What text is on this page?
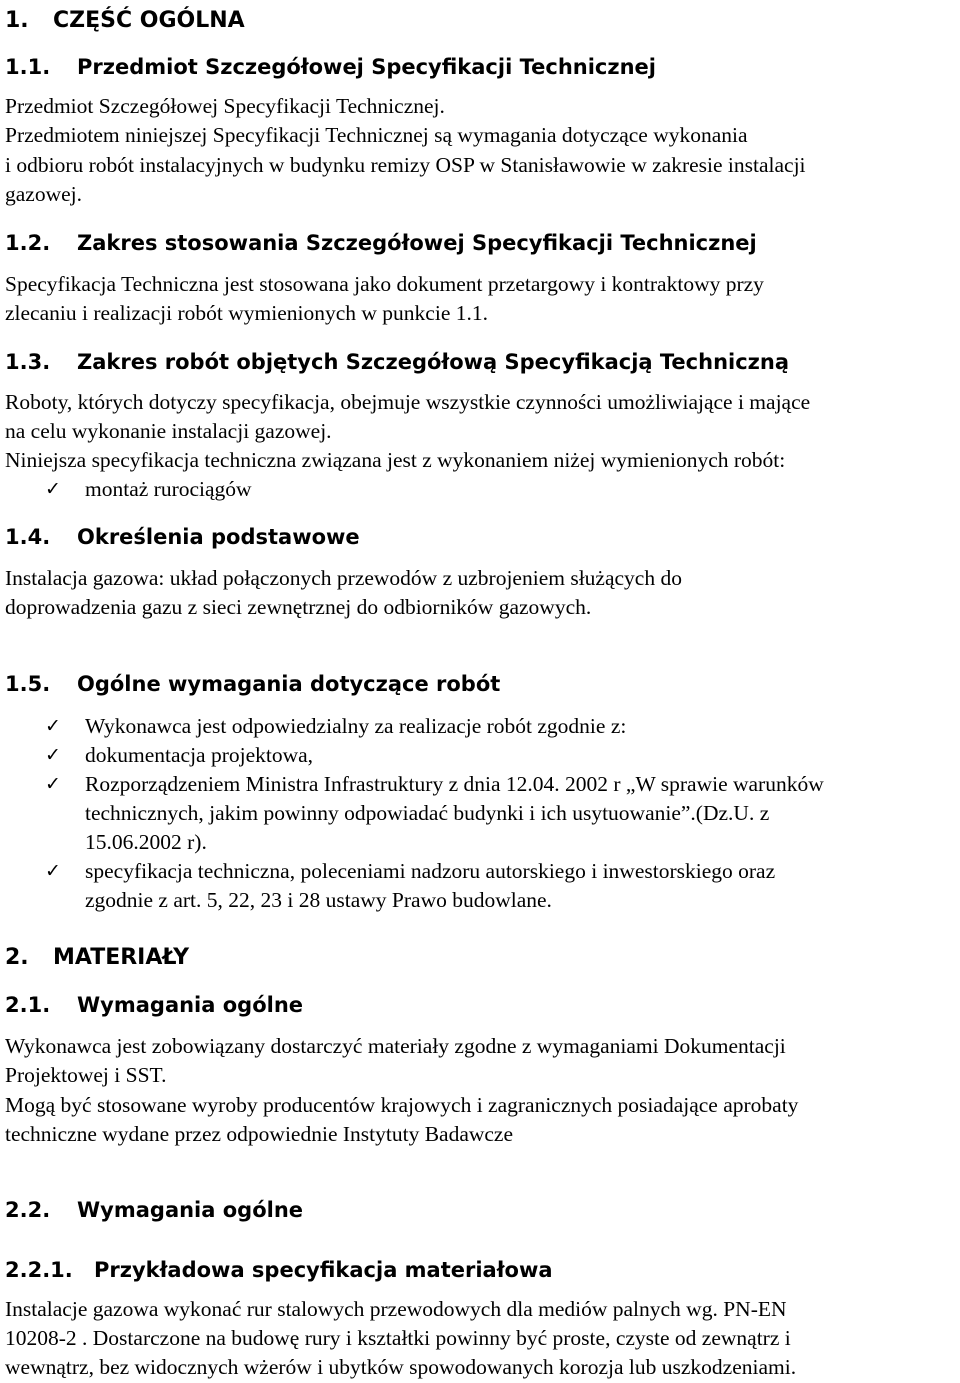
1. CZĘŚĆ OGÓLNA
1.1. Przedmiot Szczegółowej Specyfikacji Technicznej

Przedmiot Szczegółowej Specyfikacji Technicznej.

Przedmiotem niniejszej Specyfikacji Technicznej są wymagania dotyczące wykonania

i odbioru robót instalacyjnych w budynku remizy OSP w Stanisławowie w zakresie instalacji

gazowej.

1.2. Zakres stosowania Szczegółowej Specyfikacji Technicznej

Specyfikacja Techniczna jest stosowana jako dokument przetargowy i kontraktowy przy

zlecaniu i realizacji robót wymienionych w punkcie 1.1.

1.3. Zakres robót objętych Szczegółową Specyfikacją Techniczną

Roboty, których dotyczy specyfikacja, obejmuje wszystkie czynności umożliwiające i mające

na celu wykonanie instalacji gazowej.

Niniejsza specyfikacja techniczna związana jest z wykonaniem niżej wymienionych robót:

✓ montaż rurociągów

1.4. Określenia podstawowe

Instalacja gazowa: układ połączonych przewodów z uzbrojeniem służących do

doprowadzenia gazu z sieci zewnętrznej do odbiorników gazowych.

1.5. Ogólne wymagania dotyczące robót
✓ Wykonawca jest odpowiedzialny za realizacje robót zgodnie z:

✓ dokumentacja projektowa,

✓ Rozporządzeniem Ministra Infrastruktury z dnia 12.04. 2002 r „W sprawie warunków

technicznych, jakim powinny odpowiadać budynki i ich usytuowanie”.(Dz.U. z

15.06.2002 r).

✓ specyfikacja techniczna, poleceniami nadzoru autorskiego i inwestorskiego oraz

zgodnie z art. 5, 22, 23 i 28 ustawy Prawo budowlane.

2. MATERIAŁY
2.1. Wymagania ogólne

Wykonawca jest zobowiązany dostarczyć materiały zgodne z wymaganiami Dokumentacji

Projektowej i SST.

Mogą być stosowane wyroby producentów krajowych i zagranicznych posiadające aprobaty

techniczne wydane przez odpowiednie Instytuty Badawcze

2.2. Wymagania ogólne
2.2.1. Przykładowa specyfikacja materiałowa

Instalacje gazowa wykonać rur stalowych przewodowych dla mediów palnych wg. PN-EN

10208-2 . Dostarczone na budowę rury i kształtki powinny być proste, czyste od zewnątrz i

wewnątrz, bez widocznych wżerów i ubytków spowodowanych korozja lub uszkodzeniami.
